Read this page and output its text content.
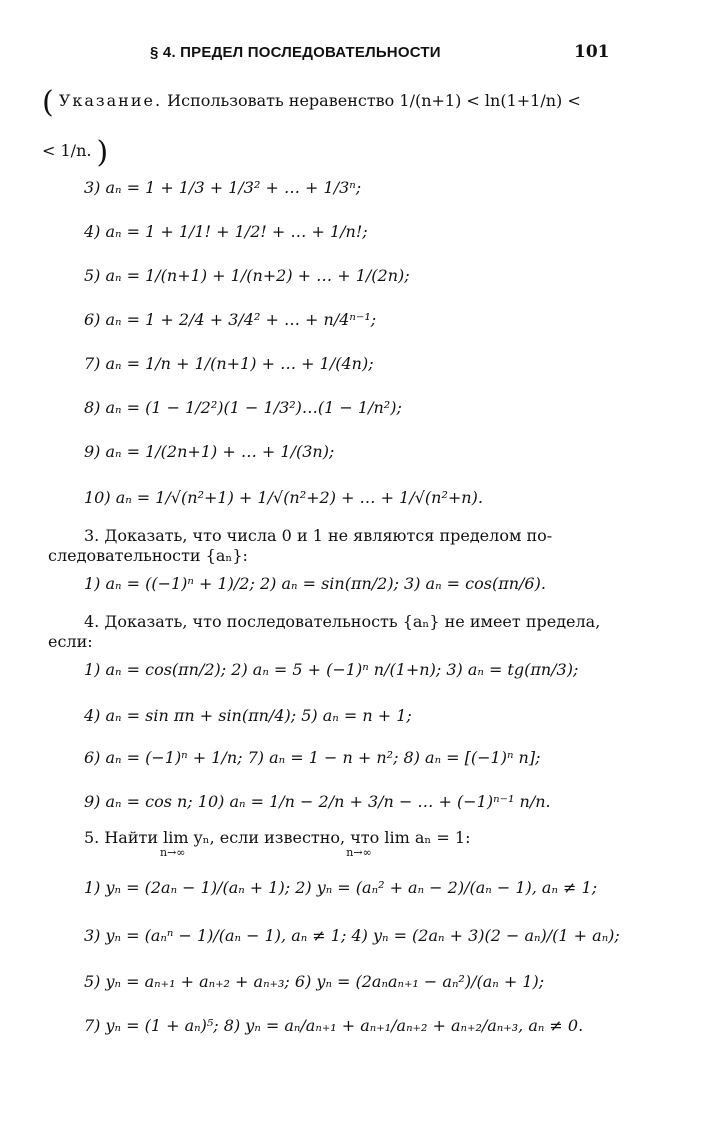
§ 4. ПРЕДЕЛ ПОСЛЕДОВАТЕЛЬНОСТИ	101
( Указание. Использовать неравенство 1/(n+1) < ln(1+1/n) <
< 1/n. )
3) aₙ = 1 + 1/3 + 1/3² + … + 1/3ⁿ;
4) aₙ = 1 + 1/1! + 1/2! + … + 1/n!;
5) aₙ = 1/(n+1) + 1/(n+2) + … + 1/(2n);
6) aₙ = 1 + 2/4 + 3/4² + … + n/4ⁿ⁻¹;
7) aₙ = 1/n + 1/(n+1) + … + 1/(4n);
8) aₙ = (1 − 1/2²)(1 − 1/3²)…(1 − 1/n²);
9) aₙ = 1/(2n+1) + … + 1/(3n);
10) aₙ = 1/√(n²+1) + 1/√(n²+2) + … + 1/√(n²+n).
3. Доказать, что числа 0 и 1 не являются пределом по-
следовательности {aₙ}:
1) aₙ = ((−1)ⁿ + 1)/2; 2) aₙ = sin(πn/2); 3) aₙ = cos(πn/6).
4. Доказать, что последовательность {aₙ} не имеет предела,
если:
1) aₙ = cos(πn/2); 2) aₙ = 5 + (−1)ⁿ n/(1+n); 3) aₙ = tg(πn/3);
4) aₙ = sin πn + sin(πn/4); 5) aₙ = n + 1;
6) aₙ = (−1)ⁿ + 1/n; 7) aₙ = 1 − n + n²; 8) aₙ = [(−1)ⁿ n];
9) aₙ = cos n; 10) aₙ = 1/n − 2/n + 3/n − … + (−1)ⁿ⁻¹ n/n.
5. Найти lim yₙ, если известно, что lim aₙ = 1:
n→∞                                              n→∞
1) yₙ = (2aₙ − 1)/(aₙ + 1); 2) yₙ = (aₙ² + aₙ − 2)/(aₙ − 1), aₙ ≠ 1;
3) yₙ = (aₙⁿ − 1)/(aₙ − 1), aₙ ≠ 1; 4) yₙ = (2aₙ + 3)(2 − aₙ)/(1 + aₙ);
5) yₙ = aₙ₊₁ + aₙ₊₂ + aₙ₊₃; 6) yₙ = (2aₙaₙ₊₁ − aₙ²)/(aₙ + 1);
7) yₙ = (1 + aₙ)⁵; 8) yₙ = aₙ/aₙ₊₁ + aₙ₊₁/aₙ₊₂ + aₙ₊₂/aₙ₊₃, aₙ ≠ 0.
